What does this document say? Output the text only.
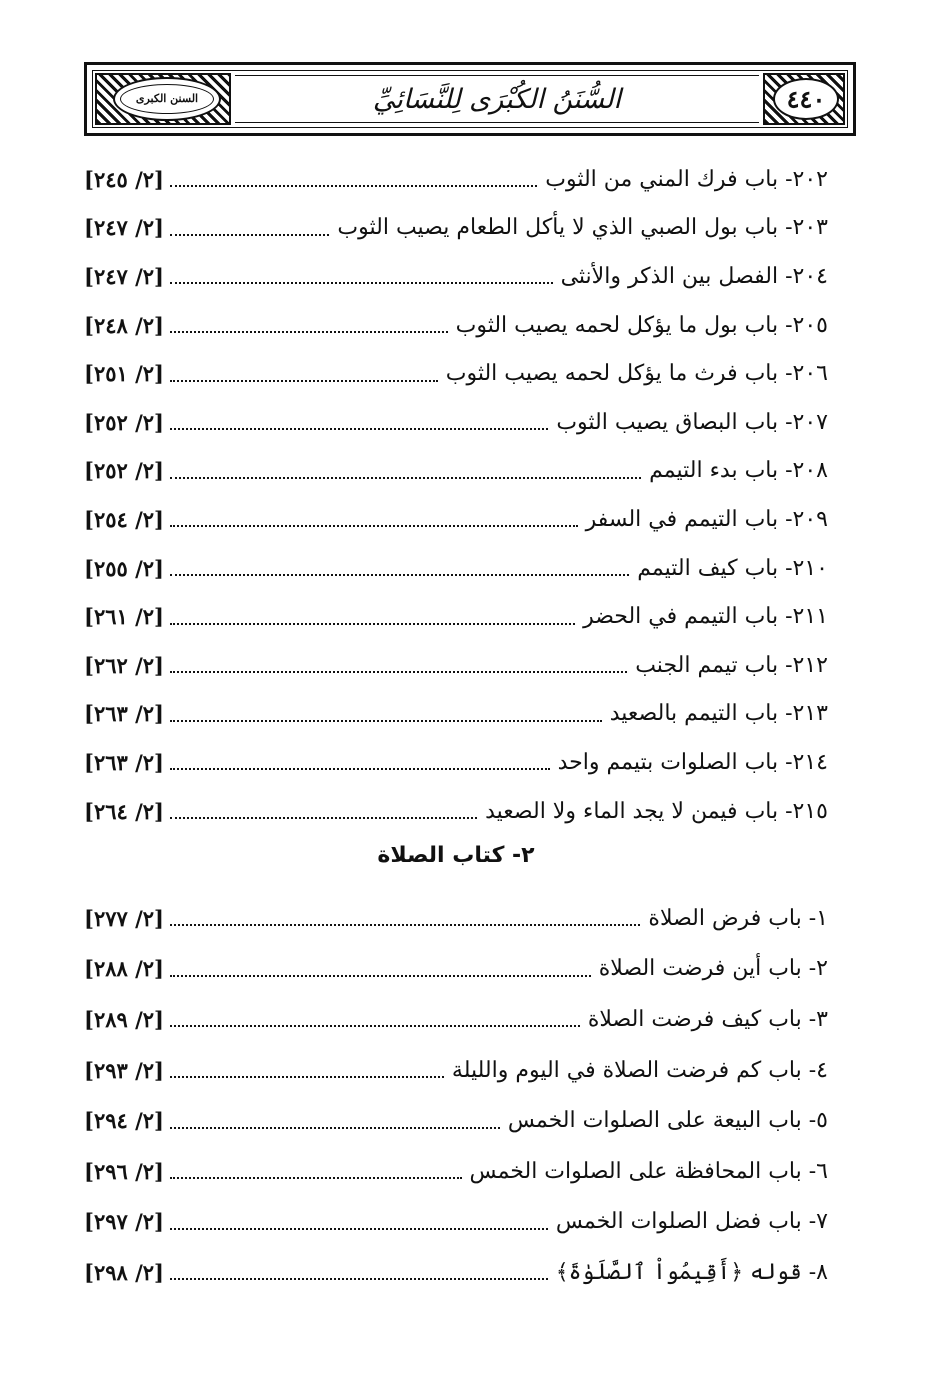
السنن الكبرى	السُّنَنُ الكُبْرَى لِلنَّسَائِيِّ	٤٤٠
٢٠٢- باب فرك المني من الثوب
[٢/ ٢٤٥]
٢٠٣- باب بول الصبي الذي لا يأكل الطعام يصيب الثوب
[٢/ ٢٤٧]
٢٠٤- الفصل بين الذكر والأنثى
[٢/ ٢٤٧]
٢٠٥- باب بول ما يؤكل لحمه يصيب الثوب
[٢/ ٢٤٨]
٢٠٦- باب فرث ما يؤكل لحمه يصيب الثوب
[٢/ ٢٥١]
٢٠٧- باب البصاق يصيب الثوب
[٢/ ٢٥٢]
٢٠٨- باب بدء التيمم
[٢/ ٢٥٢]
٢٠٩- باب التيمم في السفر
[٢/ ٢٥٤]
٢١٠- باب كيف التيمم
[٢/ ٢٥٥]
٢١١- باب التيمم في الحضر
[٢/ ٢٦١]
٢١٢- باب تيمم الجنب
[٢/ ٢٦٢]
٢١٣- باب التيمم بالصعيد
[٢/ ٢٦٣]
٢١٤- باب الصلوات بتيمم واحد
[٢/ ٢٦٣]
٢١٥- باب فيمن لا يجد الماء ولا الصعيد
[٢/ ٢٦٤]
٢- كتاب الصلاة
١- باب فرض الصلاة
[٢/ ٢٧٧]
٢- باب أين فرضت الصلاة
[٢/ ٢٨٨]
٣- باب كيف فرضت الصلاة
[٢/ ٢٨٩]
٤- باب كم فرضت الصلاة في اليوم والليلة
[٢/ ٢٩٣]
٥- باب البيعة على الصلوات الخمس
[٢/ ٢٩٤]
٦- باب المحافظة على الصلوات الخمس
[٢/ ٢٩٦]
٧- باب فضل الصلوات الخمس
[٢/ ٢٩٧]
٨- قوله ﴿أَقِيمُواْ ٱلصَّلَوٰةَ﴾
[٢/ ٢٩٨]
